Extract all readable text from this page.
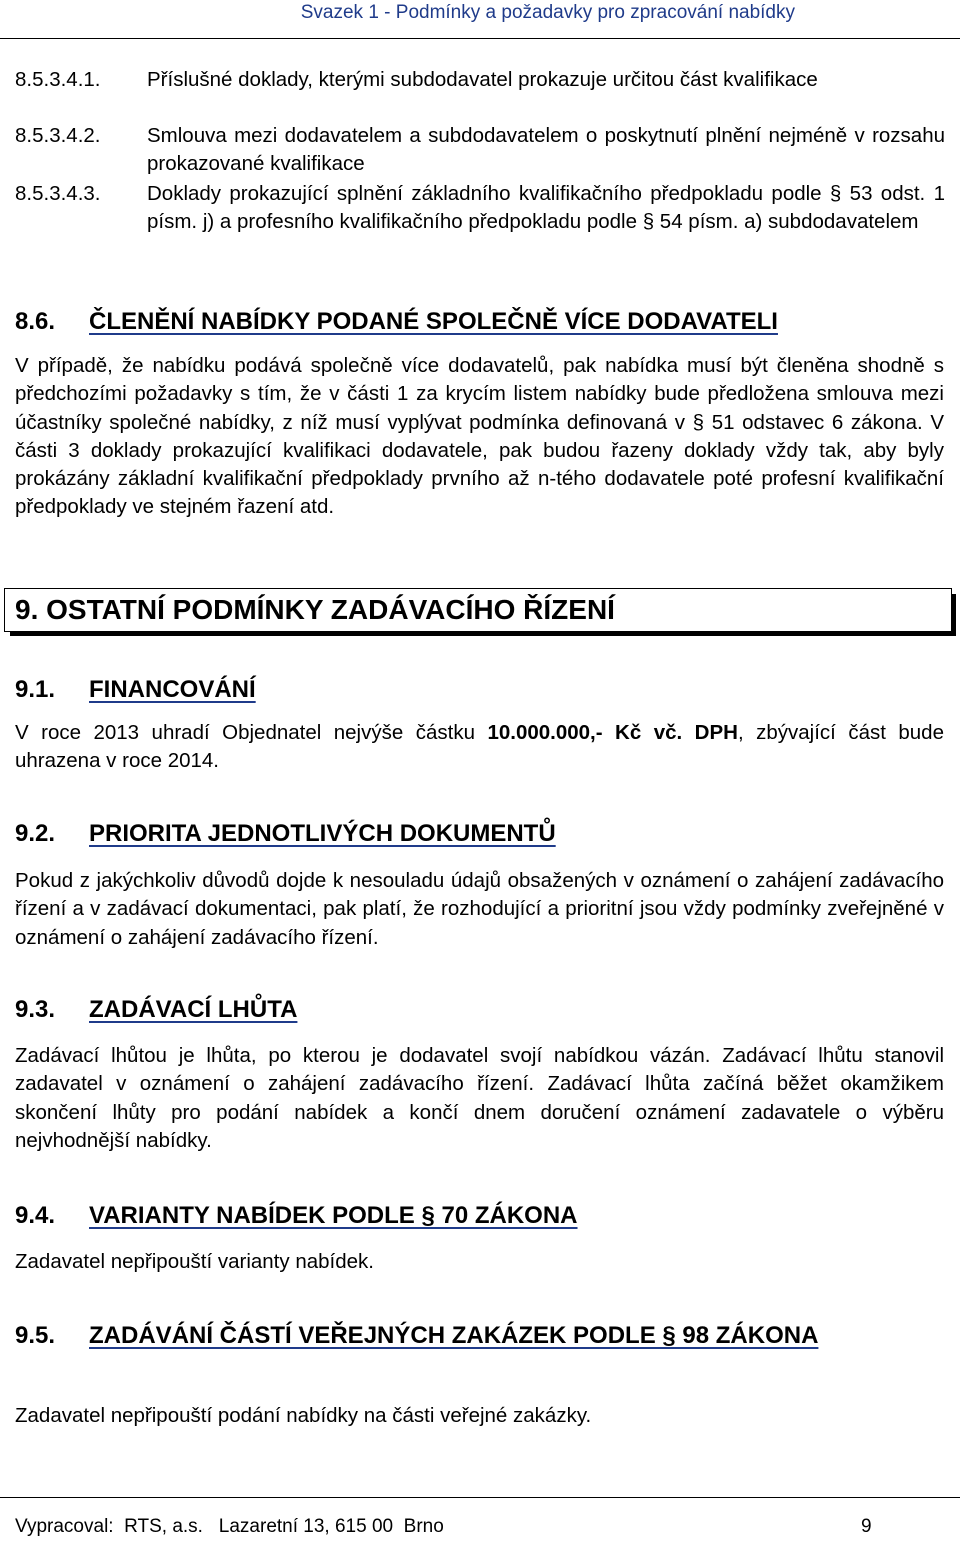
Svazek 1 - Podmínky a požadavky pro zpracování nabídky
8.5.3.4.1. Příslušné doklady, kterými subdodavatel prokazuje určitou část kvalifikace
8.5.3.4.2. Smlouva mezi dodavatelem a subdodavatelem o poskytnutí plnění nejméně v rozsahu prokazované kvalifikace
8.5.3.4.3. Doklady prokazující splnění základního kvalifikačního předpokladu podle § 53 odst. 1 písm. j) a profesního kvalifikačního předpokladu podle § 54 písm. a) subdodavatelem
8.6. ČLENĚNÍ NABÍDKY PODANÉ SPOLEČNĚ VÍCE DODAVATELI
V případě, že nabídku podává společně více dodavatelů, pak nabídka musí být členěna shodně s předchozími požadavky s tím, že v části 1 za krycím listem nabídky bude předložena smlouva mezi účastníky společné nabídky, z níž musí vyplývat podmínka definovaná v § 51 odstavec 6 zákona. V části 3 doklady prokazující kvalifikaci dodavatele, pak budou řazeny doklady vždy tak, aby byly prokázány základní kvalifikační předpoklady prvního až n-tého dodavatele poté profesní kvalifikační předpoklady ve stejném řazení atd.
9. OSTATNÍ PODMÍNKY ZADÁVACÍHO ŘÍZENÍ
9.1. FINANCOVÁNÍ
V roce 2013 uhradí Objednatel nejvýše částku 10.000.000,- Kč vč. DPH, zbývající část bude uhrazena v roce 2014.
9.2. PRIORITA JEDNOTLIVÝCH DOKUMENTŮ
Pokud z jakýchkoliv důvodů dojde k nesouladu údajů obsažených v oznámení o zahájení zadávacího řízení a v zadávací dokumentaci, pak platí, že rozhodující a prioritní jsou vždy podmínky zveřejněné v oznámení o zahájení zadávacího řízení.
9.3. ZADÁVACÍ LHŮTA
Zadávací lhůtou je lhůta, po kterou je dodavatel svojí nabídkou vázán. Zadávací lhůtu stanovil zadavatel v oznámení o zahájení zadávacího řízení. Zadávací lhůta začíná běžet okamžikem skončení lhůty pro podání nabídek a končí dnem doručení oznámení zadavatele o výběru nejvhodnější nabídky.
9.4. VARIANTY NABÍDEK PODLE § 70 ZÁKONA
Zadavatel nepřipouští varianty nabídek.
9.5. ZADÁVÁNÍ ČÁSTÍ VEŘEJNÝCH ZAKÁZEK PODLE § 98 ZÁKONA
Zadavatel nepřipouští podání nabídky na části veřejné zakázky.
Vypracoval:  RTS, a.s.   Lazaretní 13, 615 00  Brno	9
